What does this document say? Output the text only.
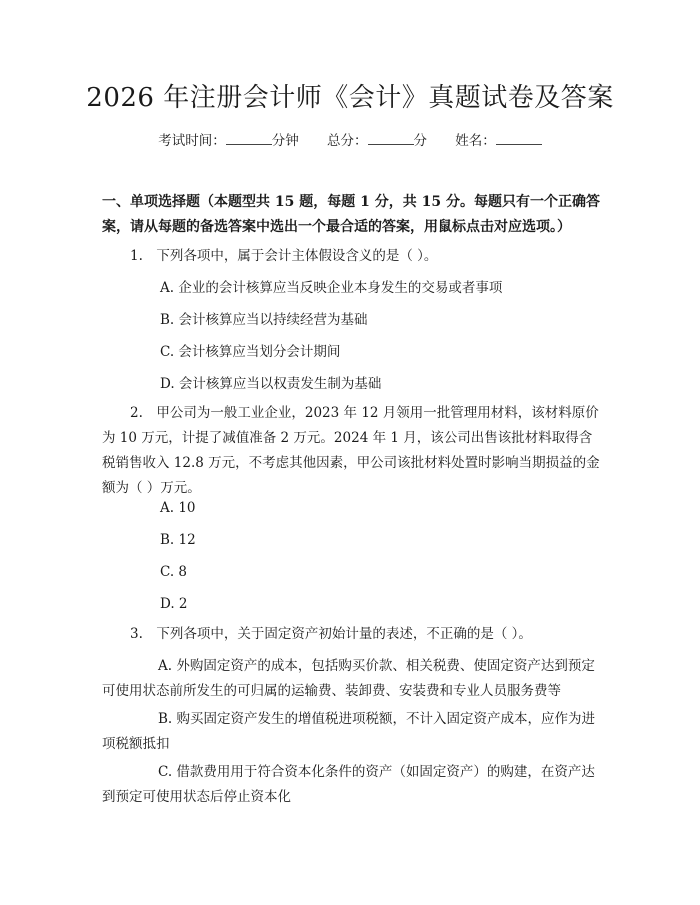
2026 年注册会计师《会计》真题试卷及答案
考试时间：	分钟 总分：	分 姓名：
一、单项选择题（本题型共 15 题，每题 1 分，共 15 分。每题只有一个正确答案，请从每题的备选答案中选出一个最合适的答案，用鼠标点击对应选项。）
1.　下列各项中，属于会计主体假设含义的是（ ）。
A. 企业的会计核算应当反映企业本身发生的交易或者事项
B. 会计核算应当以持续经营为基础
C. 会计核算应当划分会计期间
D. 会计核算应当以权责发生制为基础
2.　甲公司为一般工业企业，2023 年 12 月领用一批管理用材料，该材料原价为 10 万元，计提了减值准备 2 万元。2024 年 1 月，该公司出售该批材料取得含税销售收入 12.8 万元，不考虑其他因素，甲公司该批材料处置时影响当期损益的金额为（ ）万元。
A. 10
B. 12
C. 8
D. 2
3.　下列各项中，关于固定资产初始计量的表述，不正确的是（ ）。
A. 外购固定资产的成本，包括购买价款、相关税费、使固定资产达到预定可使用状态前所发生的可归属的运输费、装卸费、安装费和专业人员服务费等
B. 购买固定资产发生的增值税进项税额，不计入固定资产成本，应作为进项税额抵扣
C. 借款费用用于符合资本化条件的资产（如固定资产）的购建，在资产达到预定可使用状态后停止资本化
